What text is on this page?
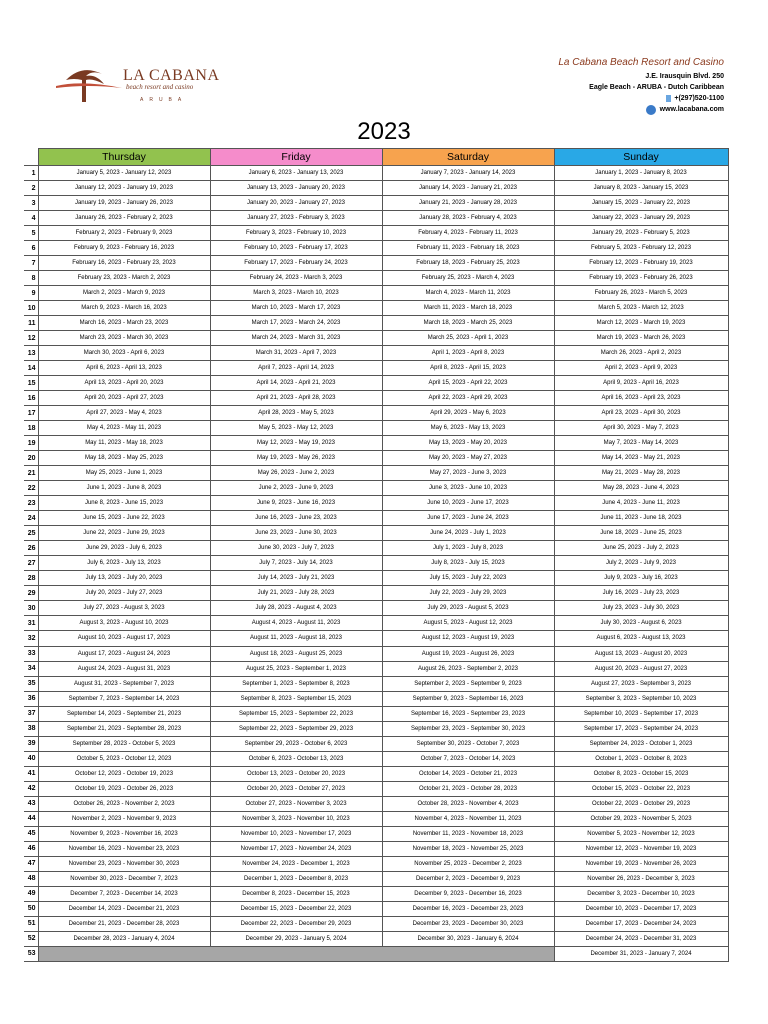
LA CABANA
beach resort and casino
ARUBA
La Cabana Beach Resort and Casino
J.E. Irausquin Blvd. 250
Eagle Beach - ARUBA - Dutch Caribbean
+(297)520-1100
www.lacabana.com
2023
	Thursday	Friday	Saturday	Sunday
1	January 5, 2023 - January 12, 2023	January 6, 2023 - January 13, 2023	January 7, 2023 - January 14, 2023	January 1, 2023 - January 8, 2023
2	January 12, 2023 - January 19, 2023	January 13, 2023 - January 20, 2023	January 14, 2023 - January 21, 2023	January 8, 2023 - January 15, 2023
3	January 19, 2023 - January 26, 2023	January 20, 2023 - January 27, 2023	January 21, 2023 - January 28, 2023	January 15, 2023 - January 22, 2023
4	January 26, 2023 - February 2, 2023	January 27, 2023 - February 3, 2023	January 28, 2023 - February 4, 2023	January 22, 2023 - January 29, 2023
5	February 2, 2023 - February 9, 2023	February 3, 2023 - February 10, 2023	February 4, 2023 - February 11, 2023	January 29, 2023 - February 5, 2023
6	February 9, 2023 - February 16, 2023	February 10, 2023 - February 17, 2023	February 11, 2023 - February 18, 2023	February 5, 2023 - February 12, 2023
7	February 16, 2023 - February 23, 2023	February 17, 2023 - February 24, 2023	February 18, 2023 - February 25, 2023	February 12, 2023 - February 19, 2023
8	February 23, 2023 - March 2, 2023	February 24, 2023 - March 3, 2023	February 25, 2023 - March 4, 2023	February 19, 2023 - February 26, 2023
9	March 2, 2023 - March 9, 2023	March 3, 2023 - March 10, 2023	March 4, 2023 - March 11, 2023	February 26, 2023 - March 5, 2023
10	March 9, 2023 - March 16, 2023	March 10, 2023 - March 17, 2023	March 11, 2023 - March 18, 2023	March 5, 2023 - March 12, 2023
11	March 16, 2023 - March 23, 2023	March 17, 2023 - March 24, 2023	March 18, 2023 - March 25, 2023	March 12, 2023 - March 19, 2023
12	March 23, 2023 - March 30, 2023	March 24, 2023 - March 31, 2023	March 25, 2023 - April 1, 2023	March 19, 2023 - March 26, 2023
13	March 30, 2023 - April 6, 2023	March 31, 2023 - April 7, 2023	April 1, 2023 - April 8, 2023	March 26, 2023 - April 2, 2023
14	April 6, 2023 - April 13, 2023	April 7, 2023 - April 14, 2023	April 8, 2023 - April 15, 2023	April 2, 2023 - April 9, 2023
15	April 13, 2023 - April 20, 2023	April 14, 2023 - April 21, 2023	April 15, 2023 - April 22, 2023	April 9, 2023 - April 16, 2023
16	April 20, 2023 - April 27, 2023	April 21, 2023 - April 28, 2023	April 22, 2023 - April 29, 2023	April 16, 2023 - April 23, 2023
17	April 27, 2023 - May 4, 2023	April 28, 2023 - May 5, 2023	April 29, 2023 - May 6, 2023	April 23, 2023 - April 30, 2023
18	May 4, 2023 - May 11, 2023	May 5, 2023 - May 12, 2023	May 6, 2023 - May 13, 2023	April 30, 2023 - May 7, 2023
19	May 11, 2023 - May 18, 2023	May 12, 2023 - May 19, 2023	May 13, 2023 - May 20, 2023	May 7, 2023 - May 14, 2023
20	May 18, 2023 - May 25, 2023	May 19, 2023 - May 26, 2023	May 20, 2023 - May 27, 2023	May 14, 2023 - May 21, 2023
21	May 25, 2023 - June 1, 2023	May 26, 2023 - June 2, 2023	May 27, 2023 - June 3, 2023	May 21, 2023 - May 28, 2023
22	June 1, 2023 - June 8, 2023	June 2, 2023 - June 9, 2023	June 3, 2023 - June 10, 2023	May 28, 2023 - June 4, 2023
23	June 8, 2023 - June 15, 2023	June 9, 2023 - June 16, 2023	June 10, 2023 - June 17, 2023	June 4, 2023 - June 11, 2023
24	June 15, 2023 - June 22, 2023	June 16, 2023 - June 23, 2023	June 17, 2023 - June 24, 2023	June 11, 2023 - June 18, 2023
25	June 22, 2023 - June 29, 2023	June 23, 2023 - June 30, 2023	June 24, 2023 - July 1, 2023	June 18, 2023 - June 25, 2023
26	June 29, 2023 - July 6, 2023	June 30, 2023 - July 7, 2023	July 1, 2023 - July 8, 2023	June 25, 2023 - July 2, 2023
27	July 6, 2023 - July 13, 2023	July 7, 2023 - July 14, 2023	July 8, 2023 - July 15, 2023	July 2, 2023 - July 9, 2023
28	July 13, 2023 - July 20, 2023	July 14, 2023 - July 21, 2023	July 15, 2023 - July 22, 2023	July 9, 2023 - July 16, 2023
29	July 20, 2023 - July 27, 2023	July 21, 2023 - July 28, 2023	July 22, 2023 - July 29, 2023	July 16, 2023 - July 23, 2023
30	July 27, 2023 - August 3, 2023	July 28, 2023 - August 4, 2023	July 29, 2023 - August 5, 2023	July 23, 2023 - July 30, 2023
31	August 3, 2023 - August 10, 2023	August 4, 2023 - August 11, 2023	August 5, 2023 - August 12, 2023	July 30, 2023 - August 6, 2023
32	August 10, 2023 - August 17, 2023	August 11, 2023 - August 18, 2023	August 12, 2023 - August 19, 2023	August 6, 2023 - August 13, 2023
33	August 17, 2023 - August 24, 2023	August 18, 2023 - August 25, 2023	August 19, 2023 - August 26, 2023	August 13, 2023 - August 20, 2023
34	August 24, 2023 - August 31, 2023	August 25, 2023 - September 1, 2023	August 26, 2023 - September 2, 2023	August 20, 2023 - August 27, 2023
35	August 31, 2023 - September 7, 2023	September 1, 2023 - September 8, 2023	September 2, 2023 - September 9, 2023	August 27, 2023 - September 3, 2023
36	September 7, 2023 - September 14, 2023	September 8, 2023 - September 15, 2023	September 9, 2023 - September 16, 2023	September 3, 2023 - September 10, 2023
37	September 14, 2023 - September 21, 2023	September 15, 2023 - September 22, 2023	September 16, 2023 - September 23, 2023	September 10, 2023 - September 17, 2023
38	September 21, 2023 - September 28, 2023	September 22, 2023 - September 29, 2023	September 23, 2023 - September 30, 2023	September 17, 2023 - September 24, 2023
39	September 28, 2023 - October 5, 2023	September 29, 2023 - October 6, 2023	September 30, 2023 - October 7, 2023	September 24, 2023 - October 1, 2023
40	October 5, 2023 - October 12, 2023	October 6, 2023 - October 13, 2023	October 7, 2023 - October 14, 2023	October 1, 2023 - October 8, 2023
41	October 12, 2023 - October 19, 2023	October 13, 2023 - October 20, 2023	October 14, 2023 - October 21, 2023	October 8, 2023 - October 15, 2023
42	October 19, 2023 - October 26, 2023	October 20, 2023 - October 27, 2023	October 21, 2023 - October 28, 2023	October 15, 2023 - October 22, 2023
43	October 26, 2023 - November 2, 2023	October 27, 2023 - November 3, 2023	October 28, 2023 - November 4, 2023	October 22, 2023 - October 29, 2023
44	November 2, 2023 - November 9, 2023	November 3, 2023 - November 10, 2023	November 4, 2023 - November 11, 2023	October 29, 2023 - November 5, 2023
45	November 9, 2023 - November 16, 2023	November 10, 2023 - November 17, 2023	November 11, 2023 - November 18, 2023	November 5, 2023 - November 12, 2023
46	November 16, 2023 - November 23, 2023	November 17, 2023 - November 24, 2023	November 18, 2023 - November 25, 2023	November 12, 2023 - November 19, 2023
47	November 23, 2023 - November 30, 2023	November 24, 2023 - December 1, 2023	November 25, 2023 - December 2, 2023	November 19, 2023 - November 26, 2023
48	November 30, 2023 - December 7, 2023	December 1, 2023 - December 8, 2023	December 2, 2023 - December 9, 2023	November 26, 2023 - December 3, 2023
49	December 7, 2023 - December 14, 2023	December 8, 2023 - December 15, 2023	December 9, 2023 - December 16, 2023	December 3, 2023 - December 10, 2023
50	December 14, 2023 - December 21, 2023	December 15, 2023 - December 22, 2023	December 16, 2023 - December 23, 2023	December 10, 2023 - December 17, 2023
51	December 21, 2023 - December 28, 2023	December 22, 2023 - December 29, 2023	December 23, 2023 - December 30, 2023	December 17, 2023 - December 24, 2023
52	December 28, 2023 - January 4, 2024	December 29, 2023 - January 5, 2024	December 30, 2023 - January 6, 2024	December 24, 2023 - December 31, 2023
53				December 31, 2023 - January 7, 2024
